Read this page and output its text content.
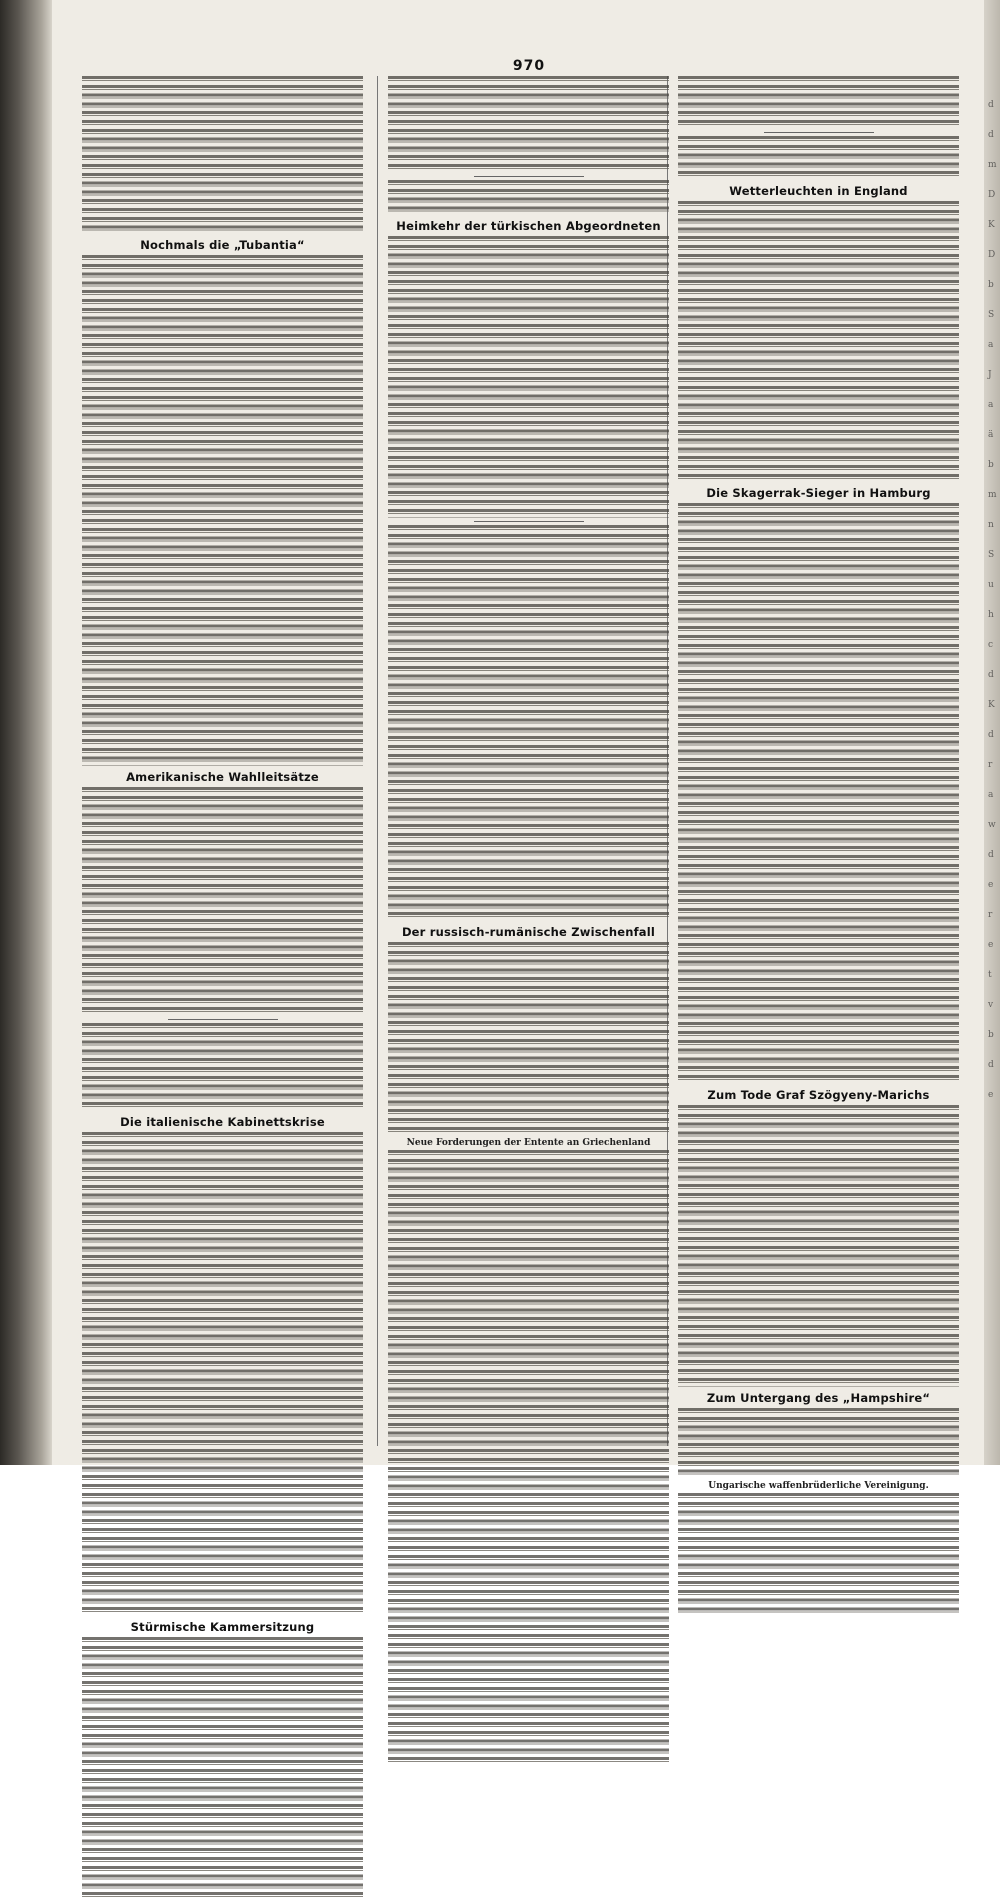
d
d
m
D
K
D
b
S
a
J
a
ä
b
m
n
S
u
h
c
d
K
d
r
a
w
d
e
r
e
t
v
b
d
e
970
Nochmals die „Tubantia“
Amerikanische Wahlleitsätze
Die italienische Kabinettskrise
Stürmische Kammersitzung
Heimkehr der türkischen Abgeordneten
Der russisch-rumänische Zwischenfall
Neue Forderungen der Entente an Griechenland
Wetterleuchten in England
Die Skagerrak-Sieger in Hamburg
Zum Tode Graf Szögyeny-Marichs
Zum Untergang des „Hampshire“
Ungarische waffenbrüderliche Vereinigung.
